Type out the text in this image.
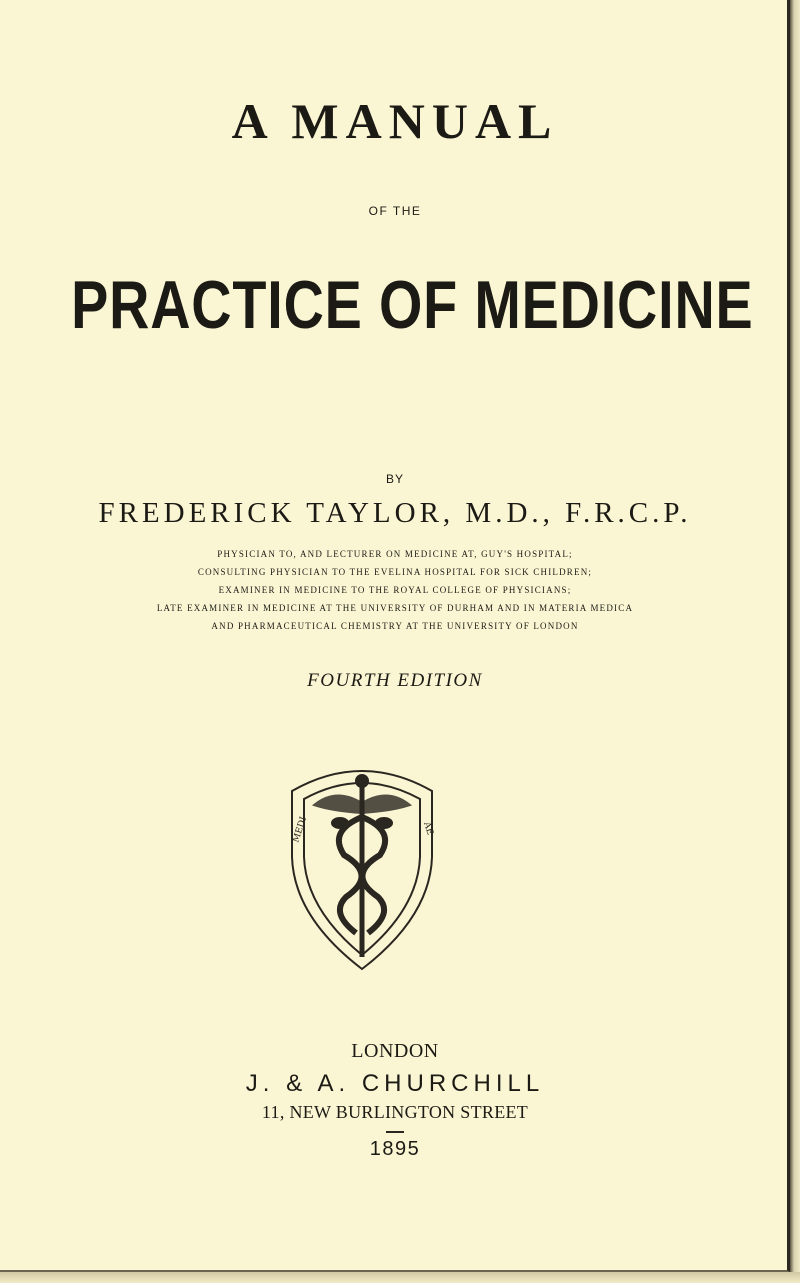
A MANUAL
OF THE
PRACTICE OF MEDICINE
BY
FREDERICK TAYLOR, M.D., F.R.C.P.
PHYSICIAN TO, AND LECTURER ON MEDICINE AT, GUY'S HOSPITAL;
CONSULTING PHYSICIAN TO THE EVELINA HOSPITAL FOR SICK CHILDREN;
EXAMINER IN MEDICINE TO THE ROYAL COLLEGE OF PHYSICIANS;
LATE EXAMINER IN MEDICINE AT THE UNIVERSITY OF DURHAM AND IN MATERIA MEDICA
AND PHARMACEUTICAL CHEMISTRY AT THE UNIVERSITY OF LONDON
FOURTH EDITION
MEDI	AE
LONDON
J. & A. CHURCHILL
11, NEW BURLINGTON STREET
1895
